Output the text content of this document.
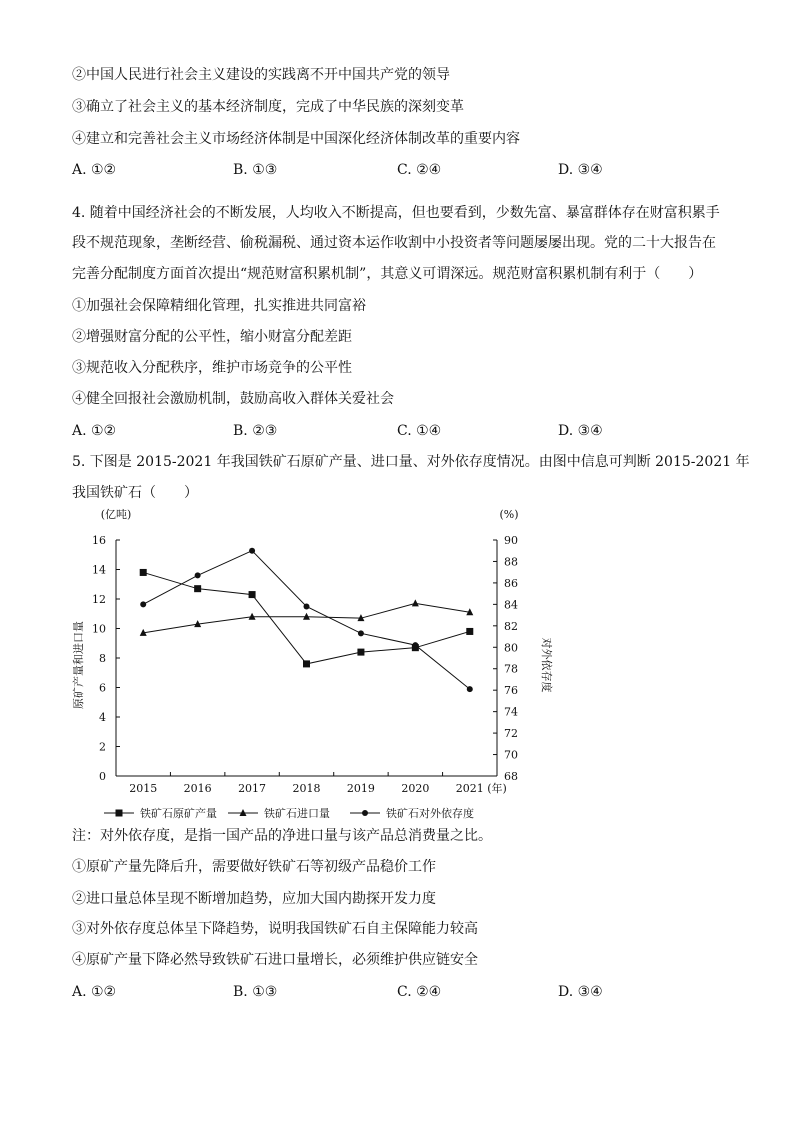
②中国人民进行社会主义建设的实践离不开中国共产党的领导
③确立了社会主义的基本经济制度，完成了中华民族的深刻变革
④建立和完善社会主义市场经济体制是中国深化经济体制改革的重要内容
A. ①②	B. ①③	C. ②④	D. ③④
4. 随着中国经济社会的不断发展，人均收入不断提高，但也要看到，少数先富、暴富群体存在财富积累手
段不规范现象，垄断经营、偷税漏税、通过资本运作收割中小投资者等问题屡屡出现。党的二十大报告在
完善分配制度方面首次提出“规范财富积累机制”，其意义可谓深远。规范财富积累机制有利于（　　）
①加强社会保障精细化管理，扎实推进共同富裕
②增强财富分配的公平性，缩小财富分配差距
③规范收入分配秩序，维护市场竞争的公平性
④健全回报社会激励机制，鼓励高收入群体关爱社会
A. ①②	B. ②③	C. ①④	D. ③④
5. 下图是 2015-2021 年我国铁矿石原矿产量、进口量、对外依存度情况。由图中信息可判断 2015-2021 年
我国铁矿石（　　）
0
2
4
6
8
10
12
14
16
68
70
72
74
76
78
80
82
84
86
88
90
2015 2016 2017 2018 2019 2020 2021
(亿吨)	(%)
原矿产量和进口量	对外依存度
(年)
铁矿石原矿产量	铁矿石进口量	铁矿石对外依存度
注：对外依存度，是指一国产品的净进口量与该产品总消费量之比。
①原矿产量先降后升，需要做好铁矿石等初级产品稳价工作
②进口量总体呈现不断增加趋势，应加大国内勘探开发力度
③对外依存度总体呈下降趋势，说明我国铁矿石自主保障能力较高
④原矿产量下降必然导致铁矿石进口量增长，必须维护供应链安全
A. ①②	B. ①③	C. ②④	D. ③④
